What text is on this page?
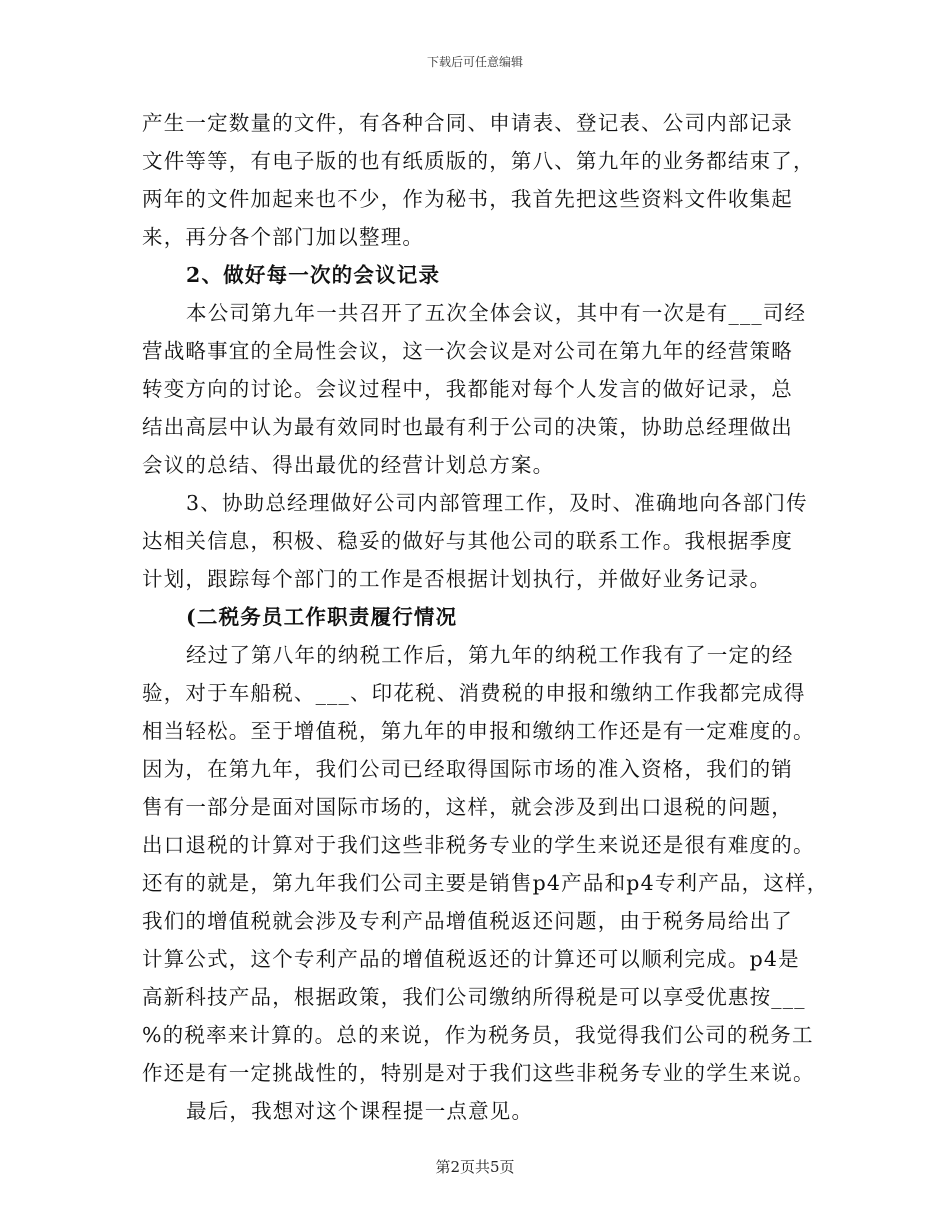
下载后可任意编辑
产生一定数量的文件，有各种合同、申请表、登记表、公司内部记录
文件等等，有电子版的也有纸质版的，第八、第九年的业务都结束了，
两年的文件加起来也不少，作为秘书，我首先把这些资料文件收集起
来，再分各个部门加以整理。
2、做好每一次的会议记录
本公司第九年一共召开了五次全体会议，其中有一次是有___司经
营战略事宜的全局性会议，这一次会议是对公司在第九年的经营策略
转变方向的讨论。会议过程中，我都能对每个人发言的做好记录，总
结出高层中认为最有效同时也最有利于公司的决策，协助总经理做出
会议的总结、得出最优的经营计划总方案。
3、协助总经理做好公司内部管理工作，及时、准确地向各部门传
达相关信息，积极、稳妥的做好与其他公司的联系工作。我根据季度
计划，跟踪每个部门的工作是否根据计划执行，并做好业务记录。
(二税务员工作职责履行情况
经过了第八年的纳税工作后，第九年的纳税工作我有了一定的经
验，对于车船税、___、印花税、消费税的申报和缴纳工作我都完成得
相当轻松。至于增值税，第九年的申报和缴纳工作还是有一定难度的。
因为，在第九年，我们公司已经取得国际市场的准入资格，我们的销
售有一部分是面对国际市场的，这样，就会涉及到出口退税的问题，
出口退税的计算对于我们这些非税务专业的学生来说还是很有难度的。
还有的就是，第九年我们公司主要是销售p4产品和p4专利产品，这样，
我们的增值税就会涉及专利产品增值税返还问题，由于税务局给出了
计算公式，这个专利产品的增值税返还的计算还可以顺利完成。p4是
高新科技产品，根据政策，我们公司缴纳所得税是可以享受优惠按___
%的税率来计算的。总的来说，作为税务员，我觉得我们公司的税务工
作还是有一定挑战性的，特别是对于我们这些非税务专业的学生来说。
最后，我想对这个课程提一点意见。
第2页共5页
